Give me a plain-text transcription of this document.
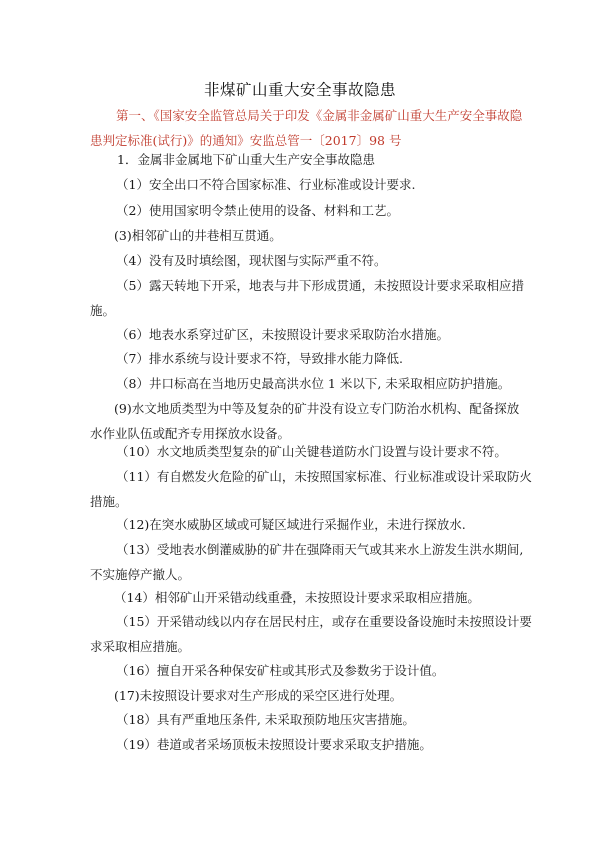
非煤矿山重大安全事故隐患

第一、《国家安全监管总局关于印发《金属非金属矿山重大生产安全事故隐
患判定标准(试行)》的通知》安监总管一〔2017〕98 号

1．金属非金属地下矿山重大生产安全事故隐患

（1）安全出口不符合国家标准、行业标准或设计要求.

（2）使用国家明令禁止使用的设备、材料和工艺。

(3)相邻矿山的井巷相互贯通。

（4）没有及时填绘图，现状图与实际严重不符。

（5）露天转地下开采，地表与井下形成贯通，未按照设计要求采取相应措
施。

（6）地表水系穿过矿区，未按照设计要求采取防治水措施。

（7）排水系统与设计要求不符，导致排水能力降低.

（8）井口标高在当地历史最高洪水位 1 米以下, 未采取相应防护措施。

(9)水文地质类型为中等及复杂的矿井没有设立专门防治水机构、配备探放
水作业队伍或配齐专用探放水设备。

（10）水文地质类型复杂的矿山关键巷道防水门设置与设计要求不符。

（11）有自燃发火危险的矿山，未按照国家标准、行业标准或设计采取防火
措施。

（12)在突水威胁区域或可疑区域进行采掘作业，未进行探放水.

（13）受地表水倒灌威胁的矿井在强降雨天气或其来水上游发生洪水期间,
不实施停产撤人。

（14）相邻矿山开采错动线重叠，未按照设计要求采取相应措施。

（15）开采错动线以内存在居民村庄，或存在重要设备设施时未按照设计要
求采取相应措施。

（16）擅自开采各种保安矿柱或其形式及参数劣于设计值。

(17)未按照设计要求对生产形成的采空区进行处理。

（18）具有严重地压条件, 未采取预防地压灾害措施。

（19）巷道或者采场顶板未按照设计要求采取支护措施。
